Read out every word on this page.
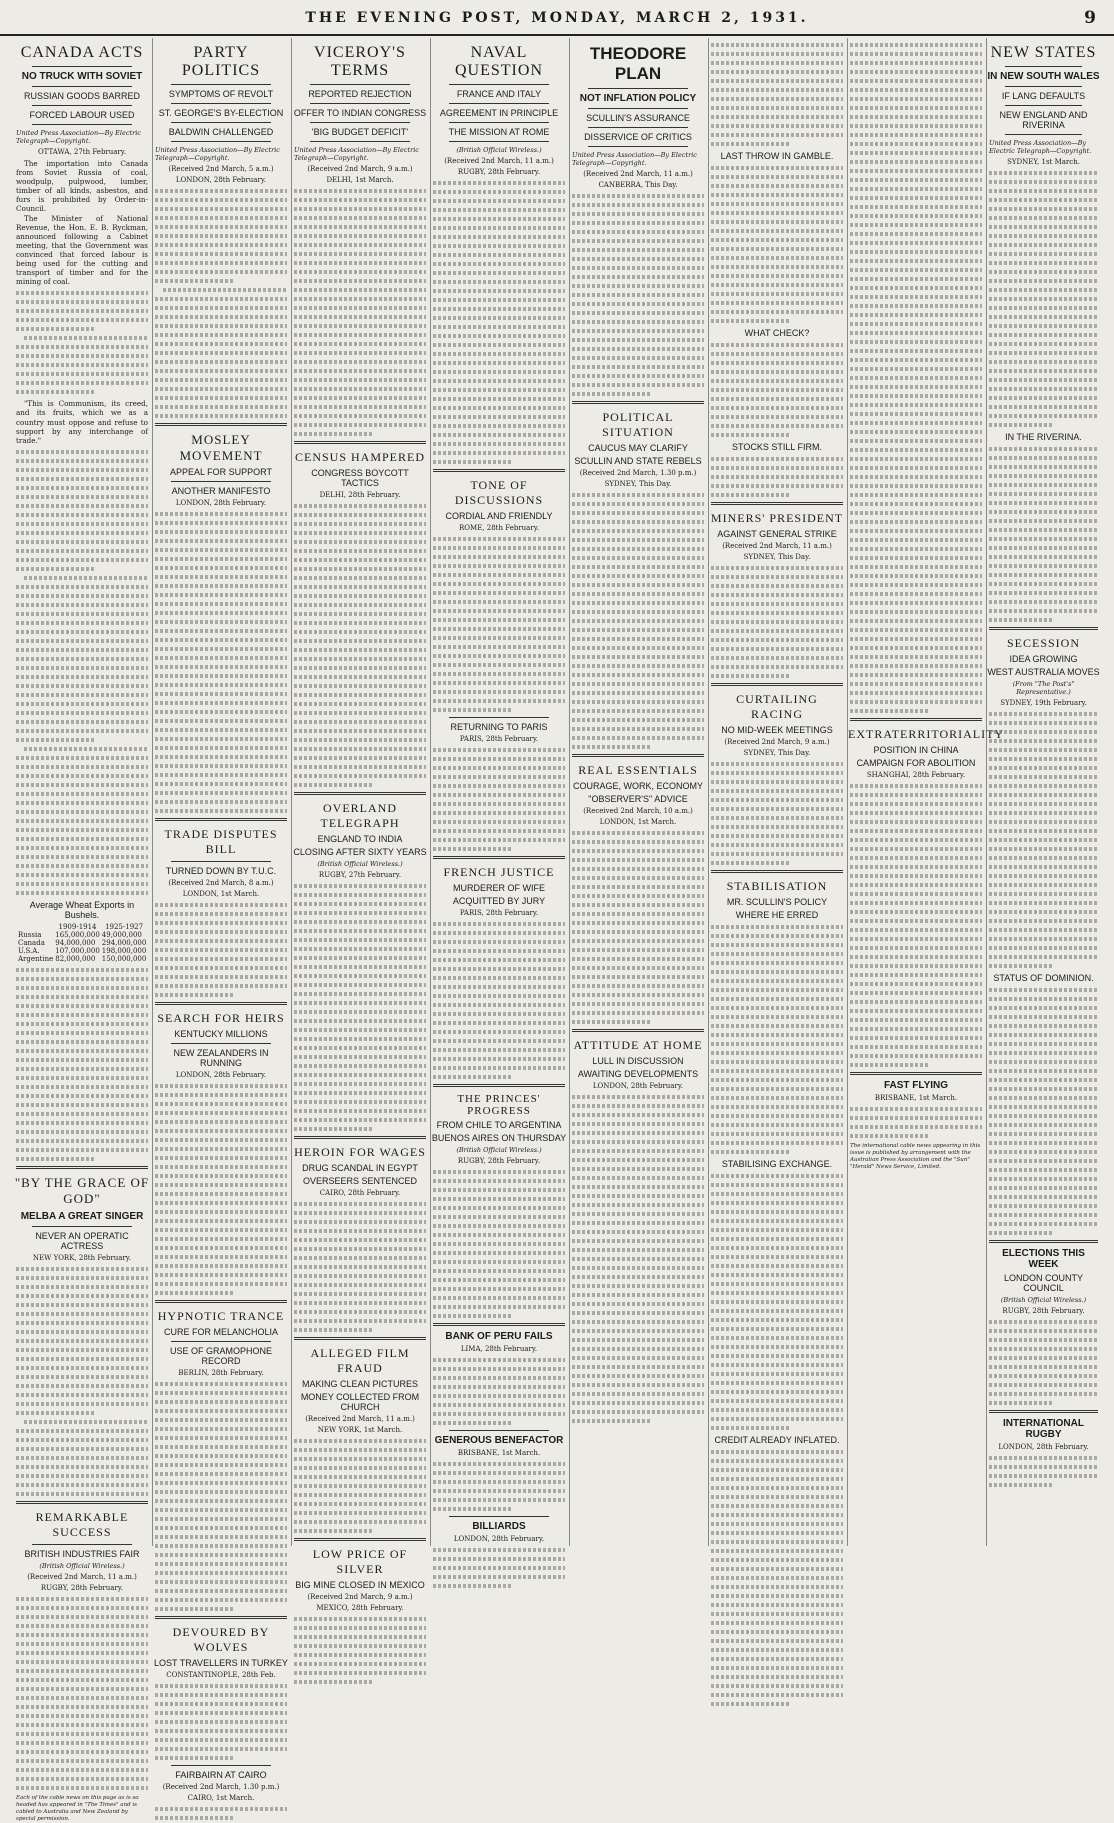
THE EVENING POST, MONDAY, MARCH 2, 1931.	9
CANADA ACTS
NO TRUCK WITH SOVIET
RUSSIAN GOODS BARRED
FORCED LABOUR USED
United Press Association—By Electric Telegraph—Copyright.
OTTAWA, 27th February.
The importation into Canada from Soviet Russia of coal, woodpulp, pulpwood, lumber, timber of all kinds, asbestos, and furs is prohibited by Order-in-Council.
The Minister of National Revenue, the Hon. E. B. Ryckman, announced following a Cabinet meeting, that the Government was convinced that forced labour is being used for the cutting and transport of timber and for the mining of coal.
"This is Communism, its creed, and its fruits, which we as a country must oppose and refuse to support by any interchange of trade."
Average Wheat Exports in Bushels.
	1909-1914	1925-1927
Russia	165,000,000	49,000,000
Canada	94,000,000	294,000,000
U.S.A.	107,000,000	198,000,000
Argentine	82,000,000	150,000,000
"BY THE GRACE OF GOD"
MELBA A GREAT SINGER
NEVER AN OPERATIC ACTRESS
NEW YORK, 28th February.
REMARKABLE SUCCESS
BRITISH INDUSTRIES FAIR
(British Official Wireless.)
(Received 2nd March, 11 a.m.)
RUGBY, 28th February.
Each of the cable news on this page as is so headed has appeared in "The Times" and is cabled to Australia and New Zealand by special permission.
PARTY POLITICS
SYMPTOMS OF REVOLT
ST. GEORGE'S BY-ELECTION
BALDWIN CHALLENGED
United Press Association—By Electric Telegraph—Copyright.
(Received 2nd March, 5 a.m.)
LONDON, 28th February.
MOSLEY MOVEMENT
APPEAL FOR SUPPORT
ANOTHER MANIFESTO
LONDON, 28th February.
TRADE DISPUTES BILL
TURNED DOWN BY T.U.C.
(Received 2nd March, 8 a.m.)
LONDON, 1st March.
SEARCH FOR HEIRS
KENTUCKY MILLIONS
NEW ZEALANDERS IN RUNNING
LONDON, 28th February.
HYPNOTIC TRANCE
CURE FOR MELANCHOLIA
USE OF GRAMOPHONE RECORD
BERLIN, 28th February.
DEVOURED BY WOLVES
LOST TRAVELLERS IN TURKEY
CONSTANTINOPLE, 28th Feb.
FAIRBAIRN AT CAIRO
(Received 2nd March, 1.30 p.m.)
CAIRO, 1st March.
VICEROY'S TERMS
REPORTED REJECTION
OFFER TO INDIAN CONGRESS
'BIG BUDGET DEFICIT'
United Press Association—By Electric Telegraph—Copyright.
(Received 2nd March, 9 a.m.)
DELHI, 1st March.
CENSUS HAMPERED
CONGRESS BOYCOTT TACTICS
DELHI, 28th February.
OVERLAND TELEGRAPH
ENGLAND TO INDIA
CLOSING AFTER SIXTY YEARS
(British Official Wireless.)
RUGBY, 27th February.
HEROIN FOR WAGES
DRUG SCANDAL IN EGYPT
OVERSEERS SENTENCED
CAIRO, 28th February.
ALLEGED FILM FRAUD
MAKING CLEAN PICTURES
MONEY COLLECTED FROM CHURCH
(Received 2nd March, 11 a.m.)
NEW YORK, 1st March.
LOW PRICE OF SILVER
BIG MINE CLOSED IN MEXICO
(Received 2nd March, 9 a.m.)
MEXICO, 28th February.
NAVAL QUESTION
FRANCE AND ITALY
AGREEMENT IN PRINCIPLE
THE MISSION AT ROME
(British Official Wireless.)
(Received 2nd March, 11 a.m.)
RUGBY, 28th February.
TONE OF DISCUSSIONS
CORDIAL AND FRIENDLY
ROME, 28th February.
RETURNING TO PARIS
PARIS, 28th February.
FRENCH JUSTICE
MURDERER OF WIFE
ACQUITTED BY JURY
PARIS, 28th February.
THE PRINCES' PROGRESS
FROM CHILE TO ARGENTINA
BUENOS AIRES ON THURSDAY
(British Official Wireless.)
RUGBY, 28th February.
BANK OF PERU FAILS
LIMA, 28th February.
GENEROUS BENEFACTOR
BRISBANE, 1st March.
BILLIARDS
LONDON, 28th February.
THEODORE PLAN
NOT INFLATION POLICY
SCULLIN'S ASSURANCE
DISSERVICE OF CRITICS
United Press Association—By Electric Telegraph—Copyright.
(Received 2nd March, 11 a.m.)
CANBERRA, This Day.
POLITICAL SITUATION
CAUCUS MAY CLARIFY
SCULLIN AND STATE REBELS
(Received 2nd March, 1.30 p.m.)
SYDNEY, This Day.
REAL ESSENTIALS
COURAGE, WORK, ECONOMY
"OBSERVER'S" ADVICE
(Received 2nd March, 10 a.m.)
LONDON, 1st March.
ATTITUDE AT HOME
LULL IN DISCUSSION
AWAITING DEVELOPMENTS
LONDON, 28th February.
LAST THROW IN GAMBLE.
WHAT CHECK?
STOCKS STILL FIRM.
MINERS' PRESIDENT
AGAINST GENERAL STRIKE
(Received 2nd March, 11 a.m.)
SYDNEY, This Day.
CURTAILING RACING
NO MID-WEEK MEETINGS
(Received 2nd March, 9 a.m.)
SYDNEY, This Day.
STABILISATION
MR. SCULLIN'S POLICY
WHERE HE ERRED
STABILISING EXCHANGE.
CREDIT ALREADY INFLATED.
EXTRATERRITORIALITY
POSITION IN CHINA
CAMPAIGN FOR ABOLITION
SHANGHAI, 28th February.
FAST FLYING
BRISBANE, 1st March.
The international cable news appearing in this issue is published by arrangement with the Australian Press Association and the "Sun" "Herald" News Service, Limited.
NEW STATES
IN NEW SOUTH WALES
IF LANG DEFAULTS
NEW ENGLAND AND RIVERINA
United Press Association—By Electric Telegraph—Copyright.
SYDNEY, 1st March.
IN THE RIVERINA.
SECESSION
IDEA GROWING
WEST AUSTRALIA MOVES
(From "The Post's" Representative.)
SYDNEY, 19th February.
STATUS OF DOMINION.
ELECTIONS THIS WEEK
LONDON COUNTY COUNCIL
(British Official Wireless.)
RUGBY, 28th February.
INTERNATIONAL RUGBY
LONDON, 28th February.
